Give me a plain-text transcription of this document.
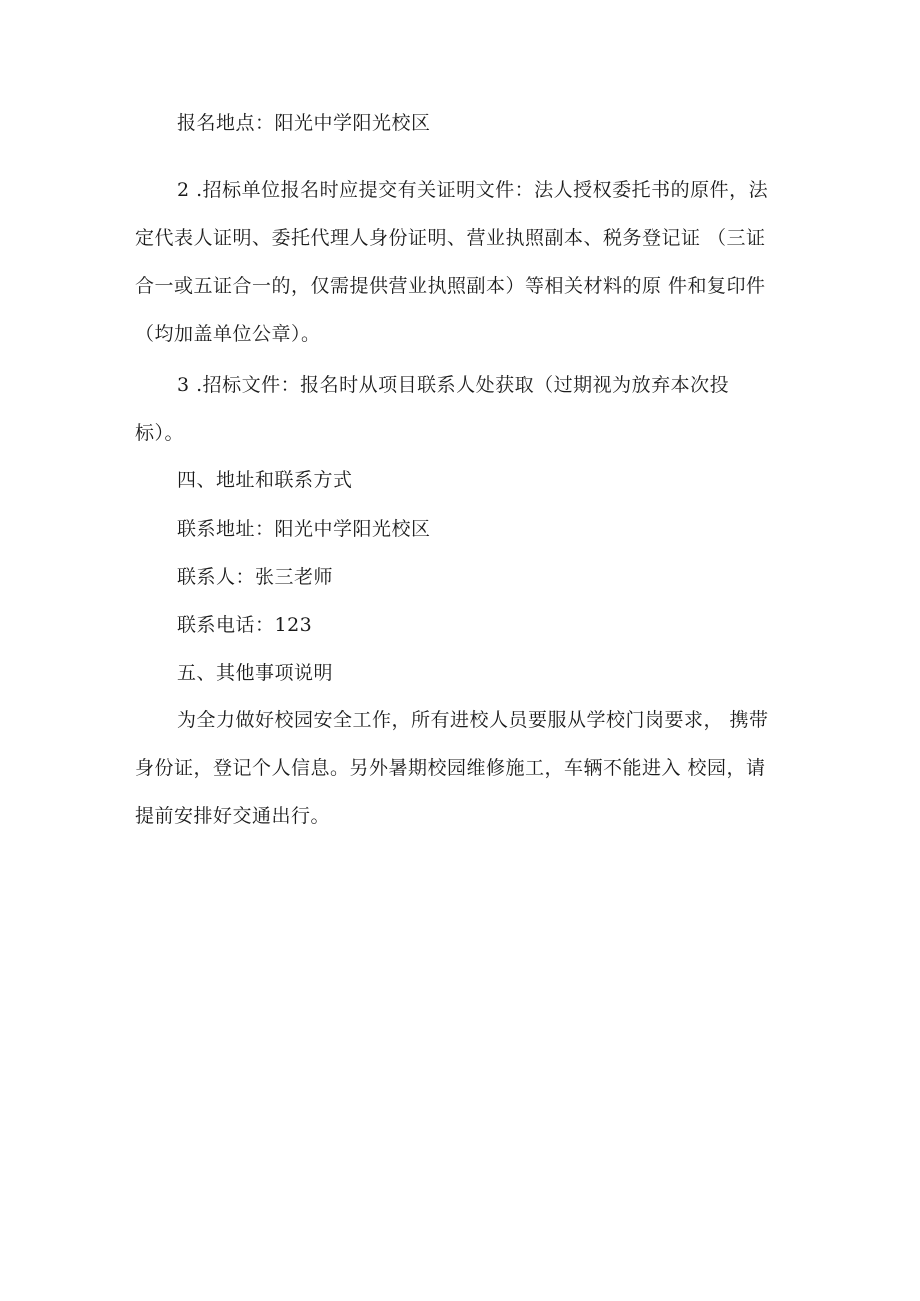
报名地点：阳光中学阳光校区

2 .招标单位报名时应提交有关证明文件：法人授权委托书的原件，法
定代表人证明、委托代理人身份证明、营业执照副本、税务登记证 （三证
合一或五证合一的，仅需提供营业执照副本）等相关材料的原 件和复印件
（均加盖单位公章）。
3 .招标文件：报名时从项目联系人处获取（过期视为放弃本次投
标）。

四、地址和联系方式

联系地址：阳光中学阳光校区

联系人：张三老师

联系电话：123

五、其他事项说明

为全力做好校园安全工作，所有进校人员要服从学校门岗要求， 携带
身份证，登记个人信息。另外暑期校园维修施工，车辆不能进入 校园，请
提前安排好交通出行。
